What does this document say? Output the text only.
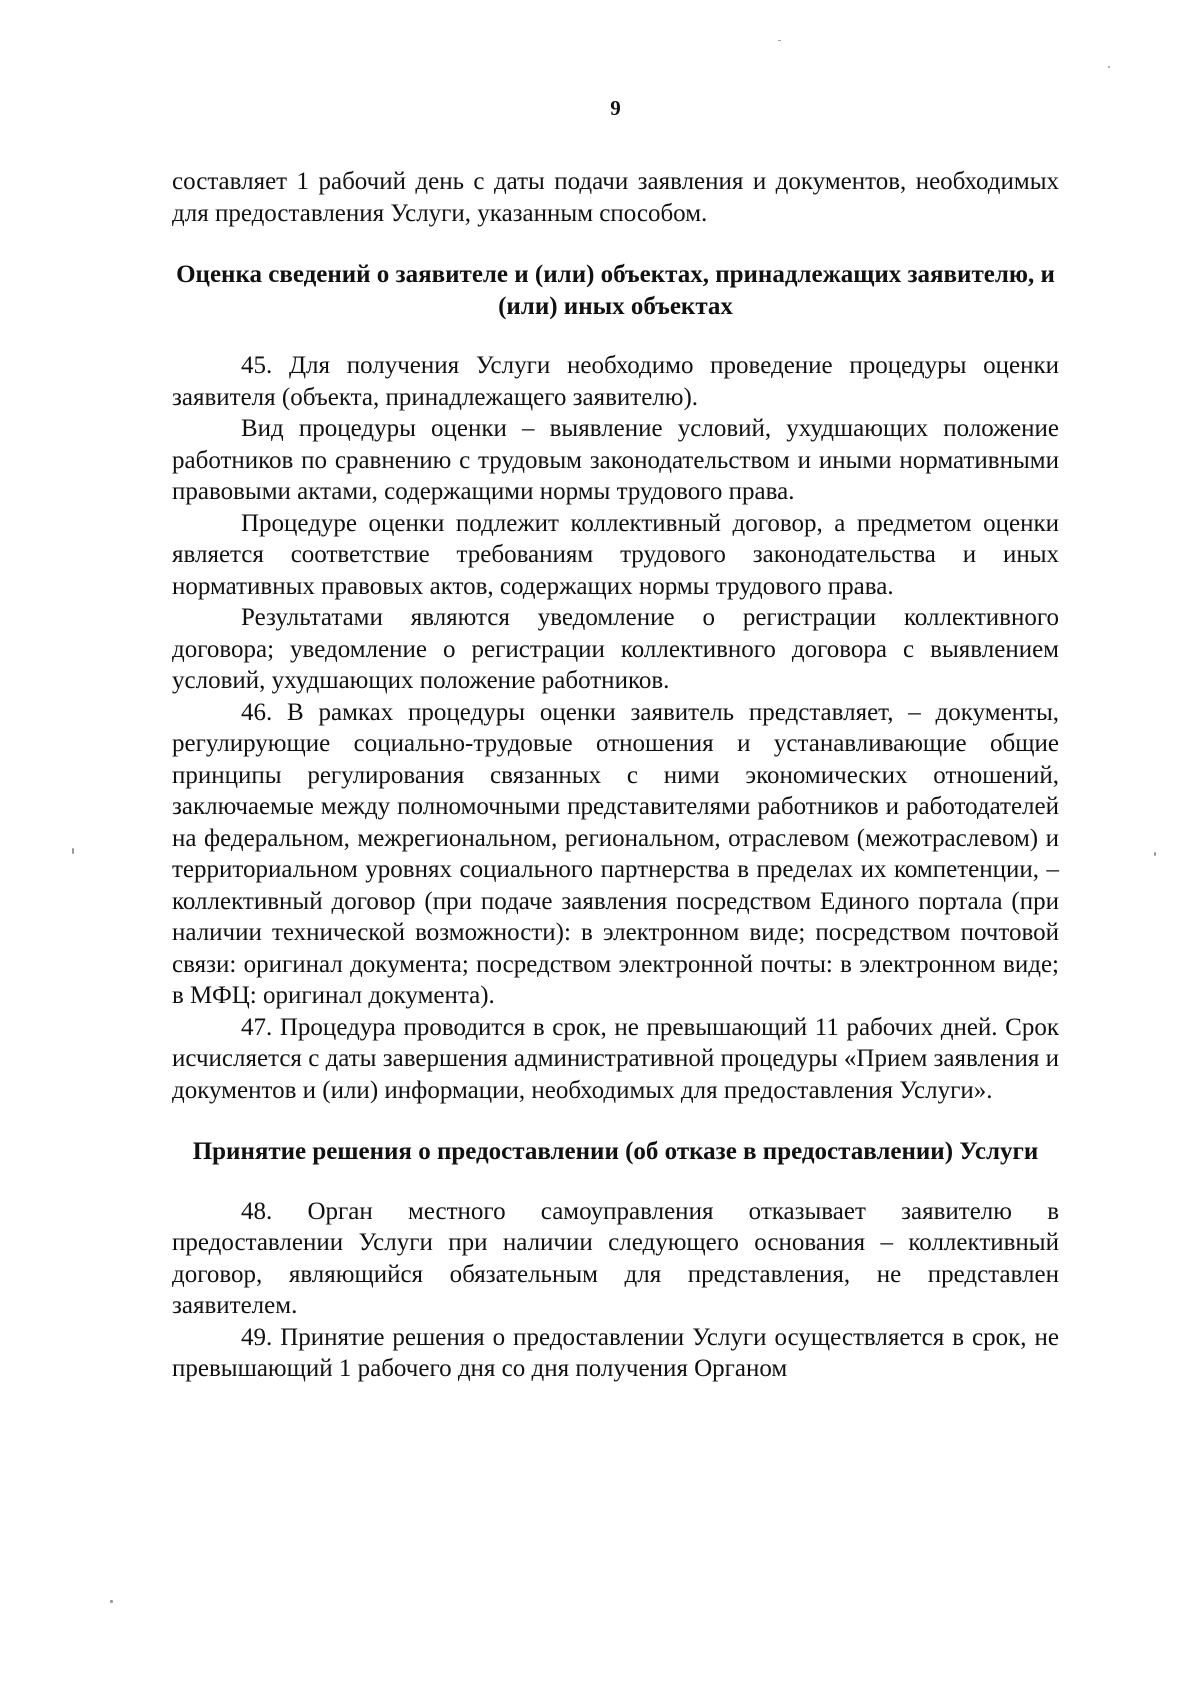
9

составляет 1 рабочий день с даты подачи заявления и документов, необходимых для предоставления Услуги, указанным способом.

Оценка сведений о заявителе и (или) объектах, принадлежащих заявителю, и (или) иных объектах

45. Для получения Услуги необходимо проведение процедуры оценки заявителя (объекта, принадлежащего заявителю).

Вид процедуры оценки – выявление условий, ухудшающих положение работников по сравнению с трудовым законодательством и иными нормативными правовыми актами, содержащими нормы трудового права.

Процедуре оценки подлежит коллективный договор, а предметом оценки является соответствие требованиям трудового законодательства и иных нормативных правовых актов, содержащих нормы трудового права.

Результатами являются уведомление о регистрации коллективного договора; уведомление о регистрации коллективного договора с выявлением условий, ухудшающих положение работников.

46. В рамках процедуры оценки заявитель представляет, – документы, регулирующие социально-трудовые отношения и устанавливающие общие принципы регулирования связанных с ними экономических отношений, заключаемые между полномочными представителями работников и работодателей на федеральном, межрегиональном, региональном, отраслевом (межотраслевом) и территориальном уровнях социального партнерства в пределах их компетенции, – коллективный договор (при подаче заявления посредством Единого портала (при наличии технической возможности): в электронном виде; посредством почтовой связи: оригинал документа; посредством электронной почты: в электронном виде; в МФЦ: оригинал документа).

47. Процедура проводится в срок, не превышающий 11 рабочих дней. Срок исчисляется с даты завершения административной процедуры «Прием заявления и документов и (или) информации, необходимых для предоставления Услуги».

Принятие решения о предоставлении (об отказе в предоставлении) Услуги

48. Орган местного самоуправления отказывает заявителю в предоставлении Услуги при наличии следующего основания – коллективный договор, являющийся обязательным для представления, не представлен заявителем.

49. Принятие решения о предоставлении Услуги осуществляется в срок, не превышающий 1 рабочего дня со дня получения Органом
